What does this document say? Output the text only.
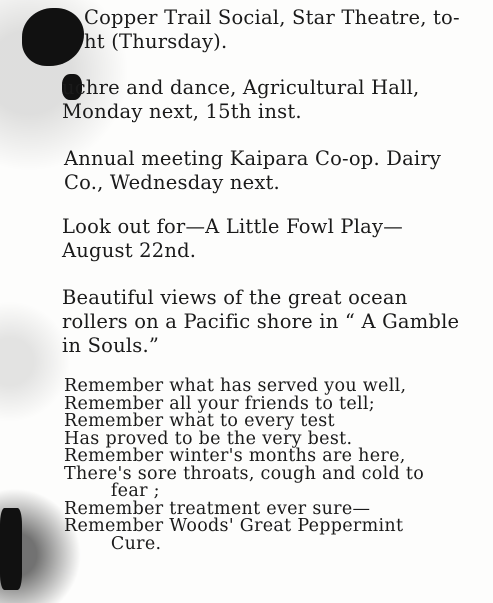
Copper Trail Social, Star Theatre, to-
ht (Thursday).
uchre and dance, Agricultural Hall,
Monday next, 15th inst.
Annual meeting Kaipara Co-op. Dairy
Co., Wednesday next.
Look out for—A Little Fowl Play—
August 22nd.
Beautiful views of the great ocean
rollers on a Pacific shore in “ A Gamble
in Souls.”
Remember what has served you well,
Remember all your friends to tell;
Remember what to every test
Has proved to be the very best.
Remember winter's months are here,
There's sore throats, cough and cold to
fear ;
Remember treatment ever sure—
Remember Woods' Great Peppermint
Cure.
